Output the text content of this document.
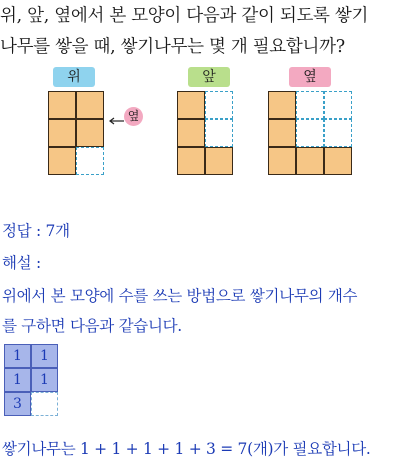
위, 앞, 옆에서 본 모양이 다음과 같이 되도록 쌓기
나무를 쌓을 때, 쌓기나무는 몇 개 필요합니까?
위	앞	옆
옆
정답 : 7개
해설 :
위에서 본 모양에 수를 쓰는 방법으로 쌓기나무의 개수
를 구하면 다음과 같습니다.
1	1
1	1
3
쌓기나무는 1 + 1 + 1 + 1 + 3 = 7(개)가 필요합니다.
